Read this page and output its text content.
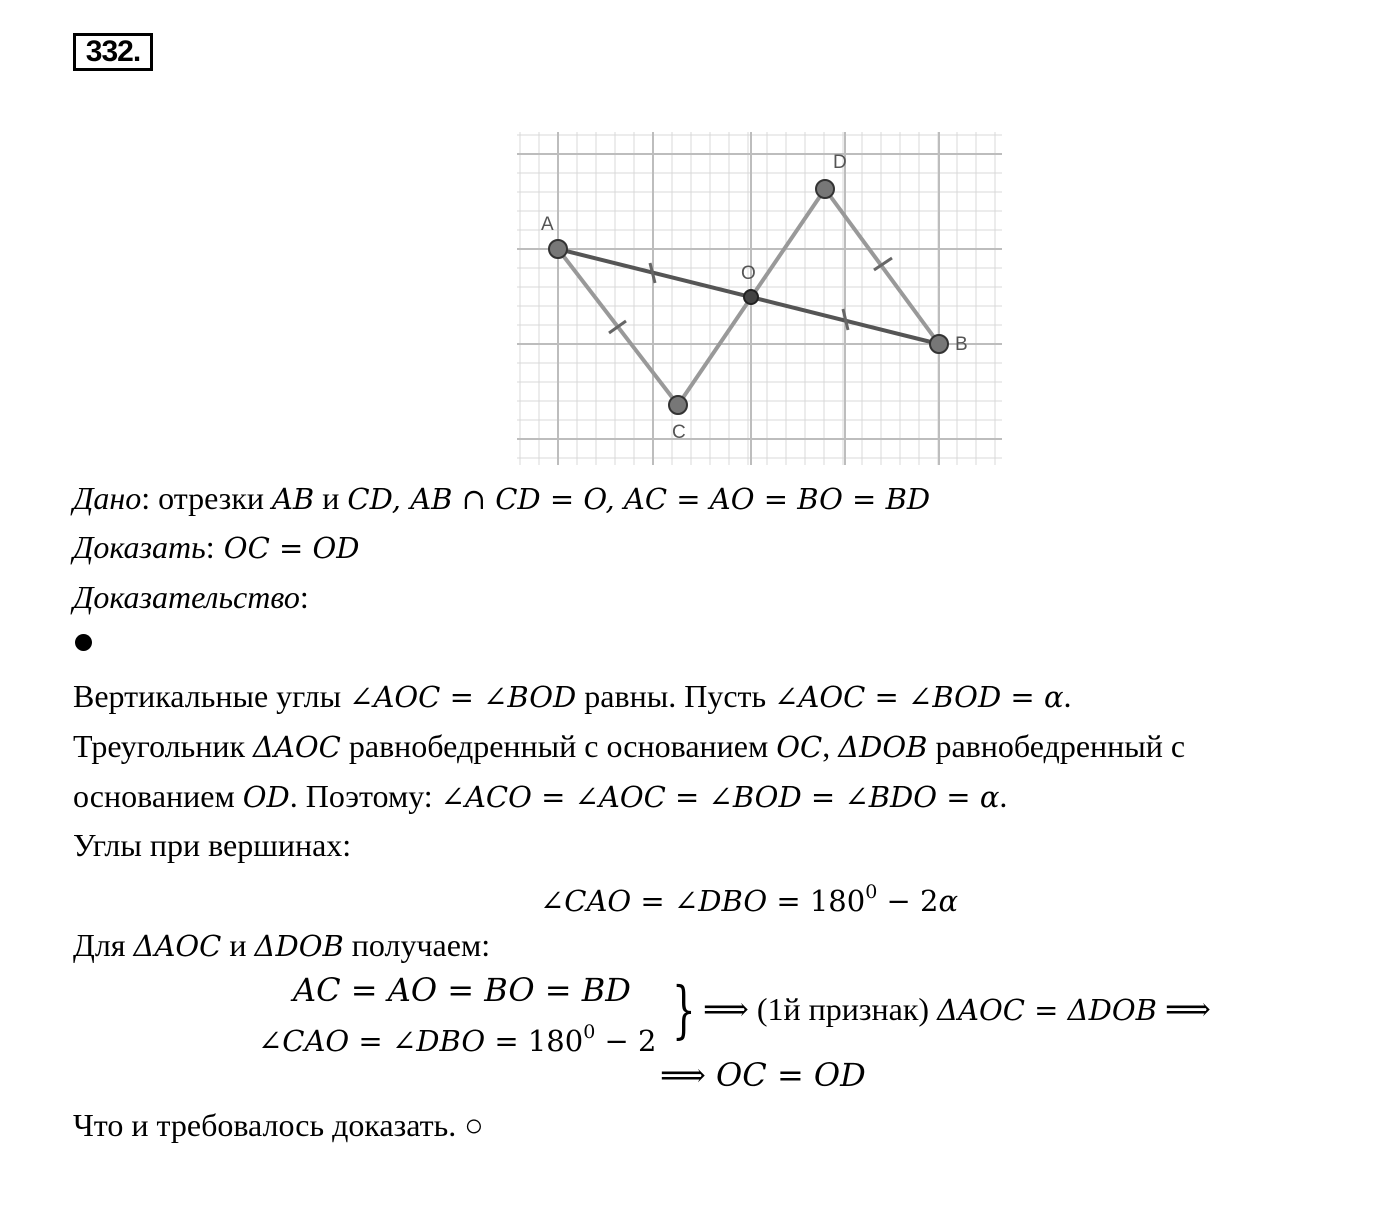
332.
A
B
C
D
O
Дано: отрезки AB и CD, AB ∩ CD = O, AC = AO = BO = BD
Доказать: OC = OD
Доказательство:
Вертикальные углы ∠AOC = ∠BOD равны. Пусть ∠AOC = ∠BOD = α.
Треугольник ΔAOC равнобедренный с основанием OC, ΔDOB равнобедренный с
основанием OD. Поэтому: ∠ACO = ∠AOC = ∠BOD = ∠BDO = α.
Углы при вершинах:
∠CAO = ∠DBO = $180^0 - 2\alpha$
Для ΔAOC и ΔDOB получаем:
AC = AO = BO = BD
∠CAO = ∠DBO = $180^0 - 2$ } ⟹ (1й признак) ΔAOC = ΔDOB ⟹
⟹ OC = OD
Что и требовалось доказать. ○
